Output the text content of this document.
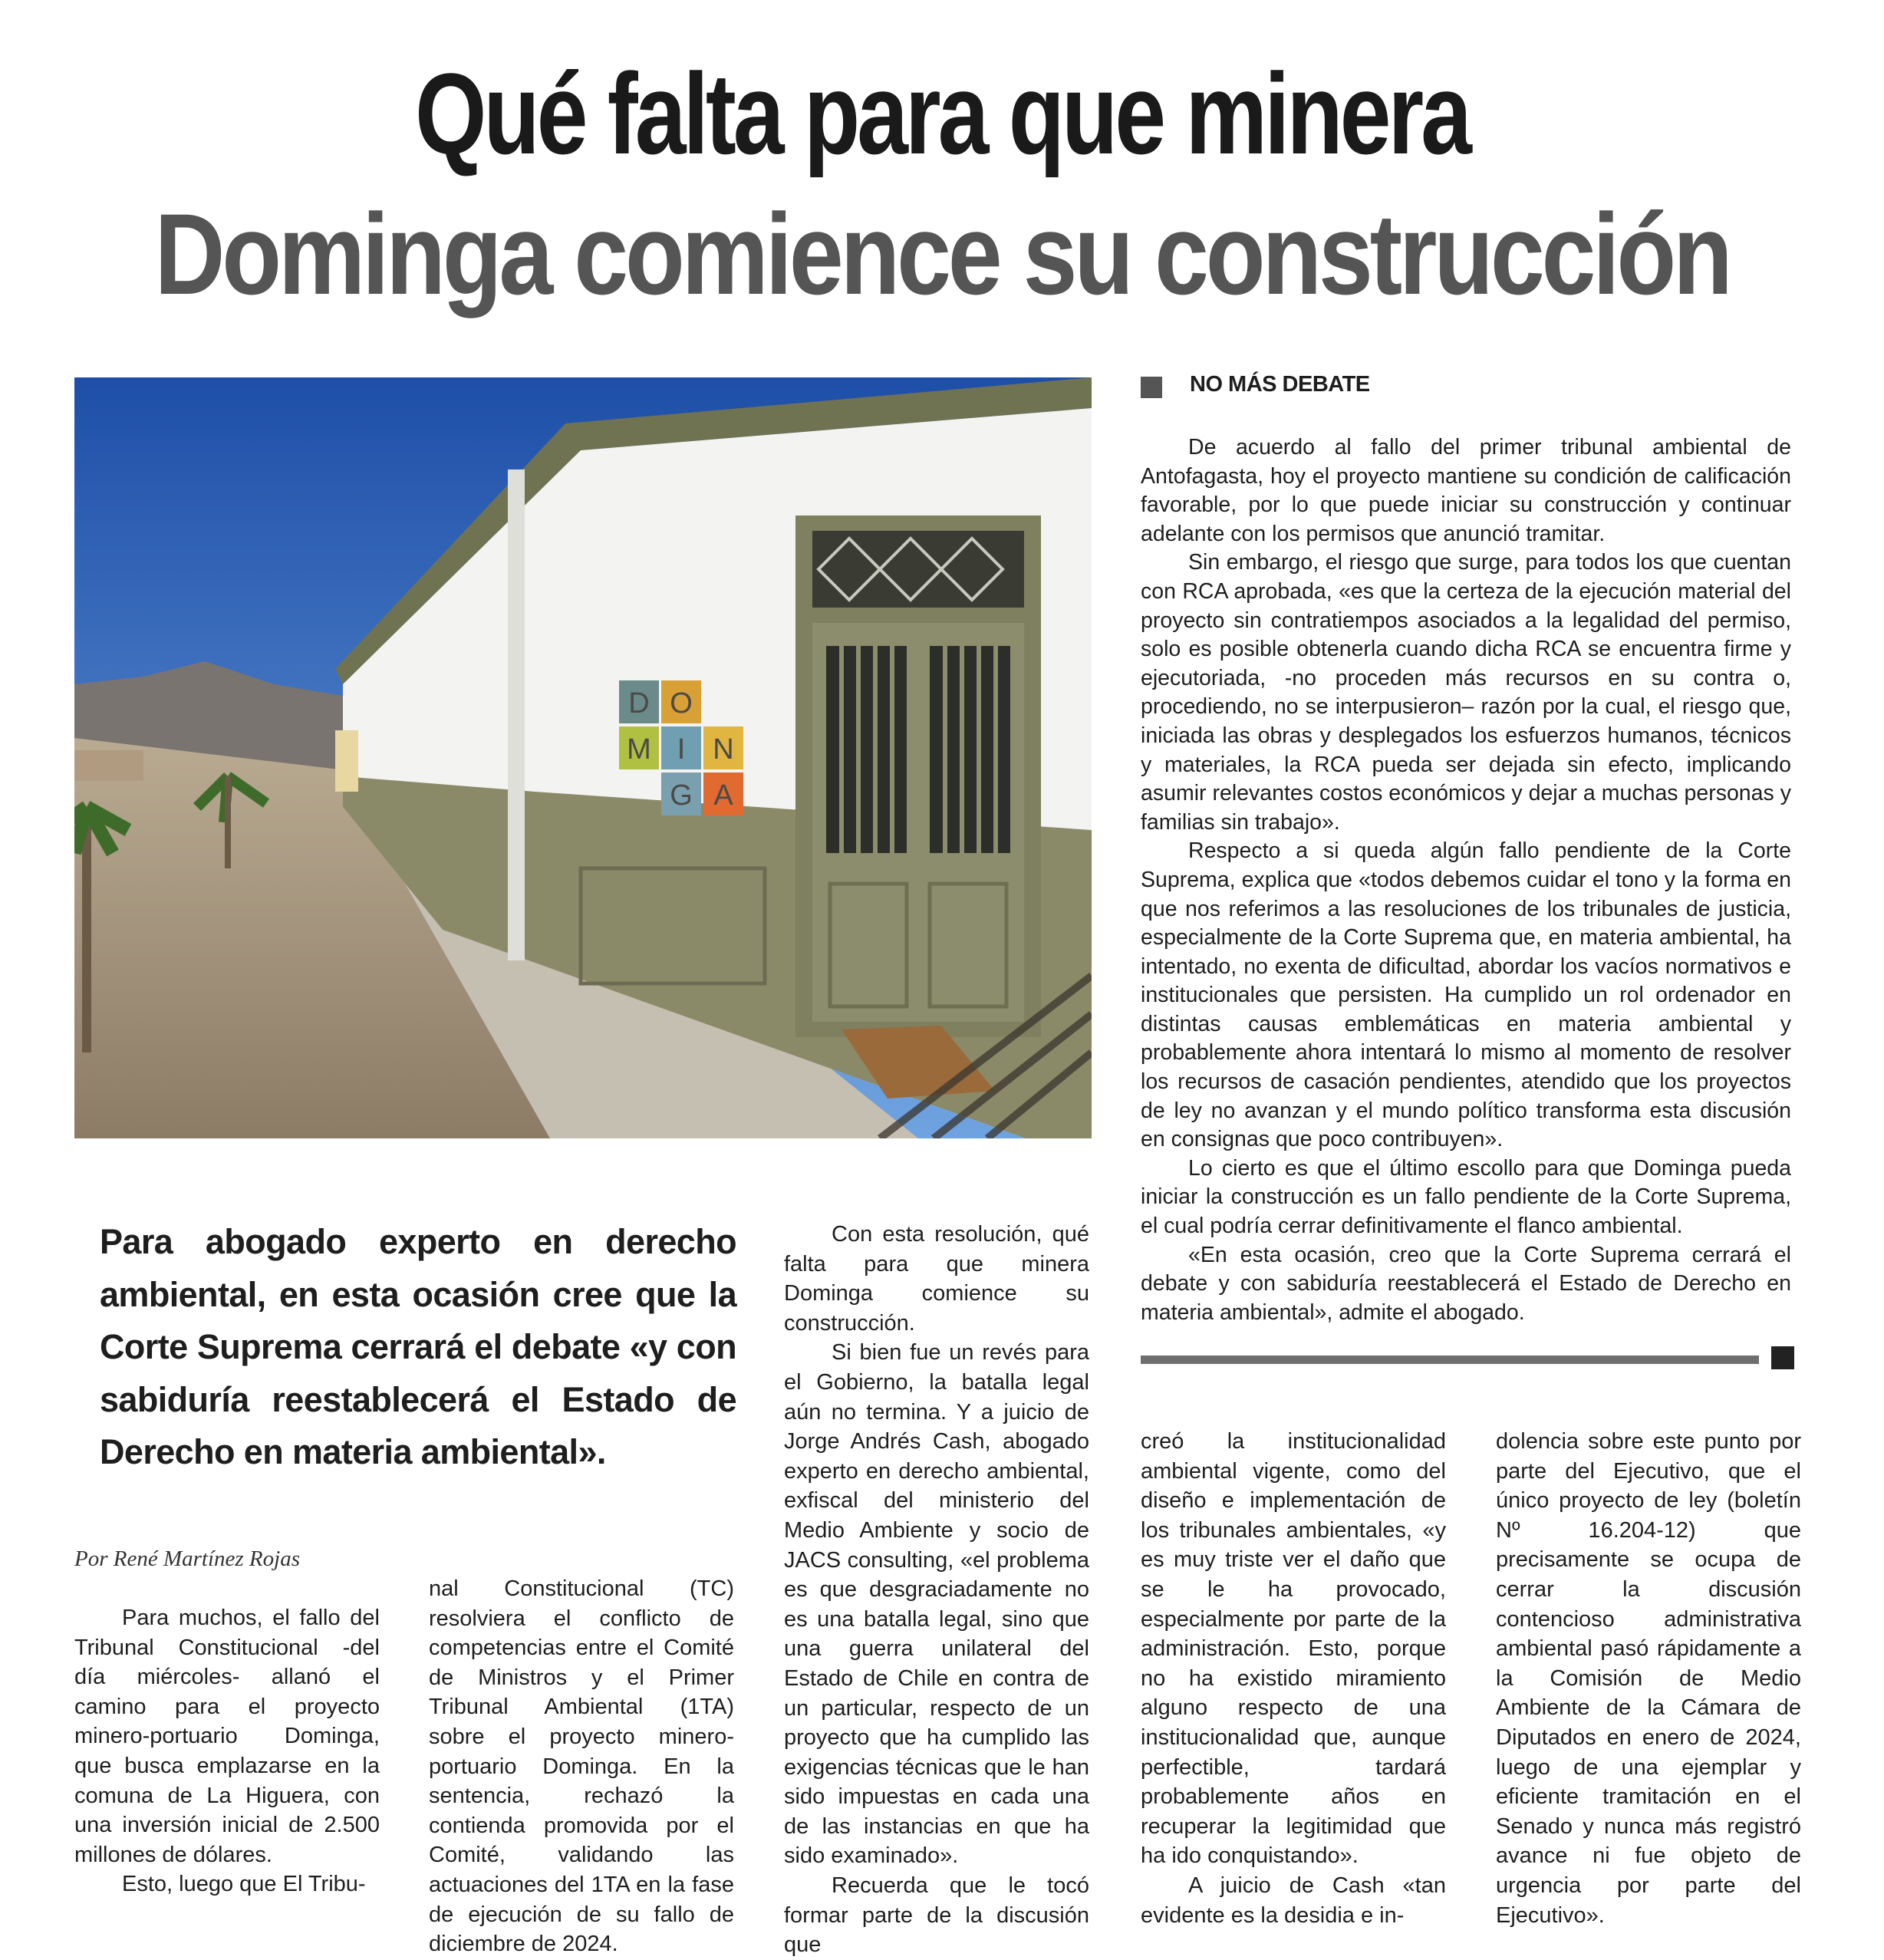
Qué falta para que minera
Dominga comience su construcción
D O
M I N
G A
NO MÁS DEBATE

De acuerdo al fallo del primer tribunal ambiental de Antofagasta, hoy el proyecto mantiene su condición de calificación favorable, por lo que puede iniciar su construcción y continuar adelante con los permisos que anunció tramitar.

Sin embargo, el riesgo que surge, para todos los que cuentan con RCA aprobada, «es que la certeza de la ejecución material del proyecto sin contratiempos asociados a la legalidad del permiso, solo es posible obtenerla cuando dicha RCA se encuentra firme y ejecutoriada, -no proceden más recursos en su contra o, procediendo, no se interpusieron– razón por la cual, el riesgo que, iniciada las obras y desplegados los esfuerzos humanos, técnicos y materiales, la RCA pueda ser dejada sin efecto, implicando asumir relevantes costos económicos y dejar a muchas personas y familias sin trabajo».

Respecto a si queda algún fallo pendiente de la Corte Suprema, explica que «todos debemos cuidar el tono y la forma en que nos referimos a las resoluciones de los tribunales de justicia, especialmente de la Corte Suprema que, en materia ambiental, ha intentado, no exenta de dificultad, abordar los vacíos normativos e institucionales que persisten. Ha cumplido un rol ordenador en distintas causas emblemáticas en materia ambiental y probablemente ahora intentará lo mismo al momento de resolver los recursos de casación pendientes, atendido que los proyectos de ley no avanzan y el mundo político transforma esta discusión en consignas que poco contribuyen».

Lo cierto es que el último escollo para que Dominga pueda iniciar la construcción es un fallo pendiente de la Corte Suprema, el cual podría cerrar definitivamente el flanco ambiental.

«En esta ocasión, creo que la Corte Suprema cerrará el debate y con sabiduría reestablecerá el Estado de Derecho en materia ambiental», admite el abogado.

Para abogado experto en derecho ambiental, en esta ocasión cree que la Corte Suprema cerrará el debate «y con sabiduría reestablecerá el Estado de Derecho en materia ambiental».
Por René Martínez Rojas

Para muchos, el fallo del Tribunal Constitucional -del día miércoles- allanó el camino para el proyecto minero-portuario Dominga, que busca emplazarse en la comuna de La Higuera, con una inversión inicial de 2.500 millones de dólares.

Esto, luego que El Tribu-

nal Constitucional (TC) resolviera el conflicto de competencias entre el Comité de Ministros y el Primer Tribunal Ambiental (1TA) sobre el proyecto minero-portuario Dominga. En la sentencia, rechazó la contienda promovida por el Comité, validando las actuaciones del 1TA en la fase de ejecución de su fallo de diciembre de 2024.

Con esta resolución, qué falta para que minera Dominga comience su construcción.

Si bien fue un revés para el Gobierno, la batalla legal aún no termina. Y a juicio de Jorge Andrés Cash, abogado experto en derecho ambiental, exfiscal del ministerio del Medio Ambiente y socio de JACS consulting, «el problema es que desgraciadamente no es una batalla legal, sino que una guerra unilateral del Estado de Chile en contra de un particular, respecto de un proyecto que ha cumplido las exigencias técnicas que le han sido impuestas en cada una de las instancias en que ha sido examinado».

Recuerda que le tocó formar parte de la discusión que

creó la institucionalidad ambiental vigente, como del diseño e implementación de los tribunales ambientales, «y es muy triste ver el daño que se le ha provocado, especialmente por parte de la administración. Esto, porque no ha existido miramiento alguno respecto de una institucionalidad que, aunque perfectible, tardará probablemente años en recuperar la legitimidad que ha ido conquistando».

A juicio de Cash «tan evidente es la desidia e in-

dolencia sobre este punto por parte del Ejecutivo, que el único proyecto de ley (boletín Nº 16.204-12) que precisamente se ocupa de cerrar la discusión contencioso administrativa ambiental pasó rápidamente a la Comisión de Medio Ambiente de la Cámara de Diputados en enero de 2024, luego de una ejemplar y eficiente tramitación en el Senado y nunca más registró avance ni fue objeto de urgencia por parte del Ejecutivo».
